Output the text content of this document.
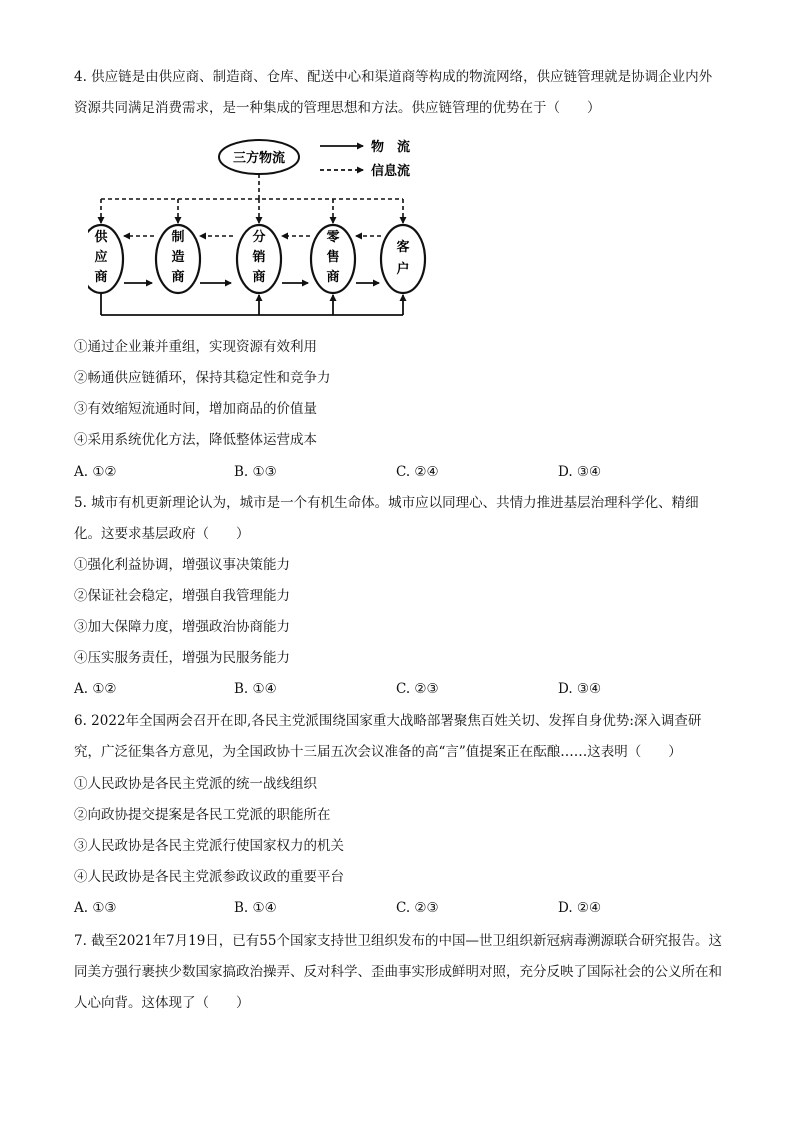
4. 供应链是由供应商、制造商、仓库、配送中心和渠道商等构成的物流网络，供应链管理就是协调企业内外资源共同满足消费需求，是一种集成的管理思想和方法。供应链管理的优势在于（　　）

三方物流
物　流
信息流
供
应
商
制
造
商
分
销
商
零
售
商
客
户

①通过企业兼并重组，实现资源有效利用

②畅通供应链循环，保持其稳定性和竞争力

③有效缩短流通时间，增加商品的价值量

④采用系统优化方法，降低整体运营成本

A. ①②	B. ①③	C. ②④	D. ③④

5. 城市有机更新理论认为，城市是一个有机生命体。城市应以同理心、共情力推进基层治理科学化、精细化。这要求基层政府（　　）

①强化利益协调，增强议事决策能力

②保证社会稳定，增强自我管理能力

③加大保障力度，增强政治协商能力

④压实服务责任，增强为民服务能力

A. ①②	B. ①④	C. ②③	D. ③④

6. 2022年全国两会召开在即,各民主党派围绕国家重大战略部署聚焦百姓关切、发挥自身优势:深入调查研究，广泛征集各方意见，为全国政协十三届五次会议准备的高“言”值提案正在酝酿……这表明（　　）

①人民政协是各民主党派的统一战线组织

②向政协提交提案是各民工党派的职能所在

③人民政协是各民主党派行使国家权力的机关

④人民政协是各民主党派参政议政的重要平台

A. ①③	B. ①④	C. ②③	D. ②④

7. 截至2021年7月19日，已有55个国家支持世卫组织发布的中国—世卫组织新冠病毒溯源联合研究报告。这同美方强行裹挟少数国家搞政治操弄、反对科学、歪曲事实形成鲜明对照，充分反映了国际社会的公义所在和人心向背。这体现了（　　）
